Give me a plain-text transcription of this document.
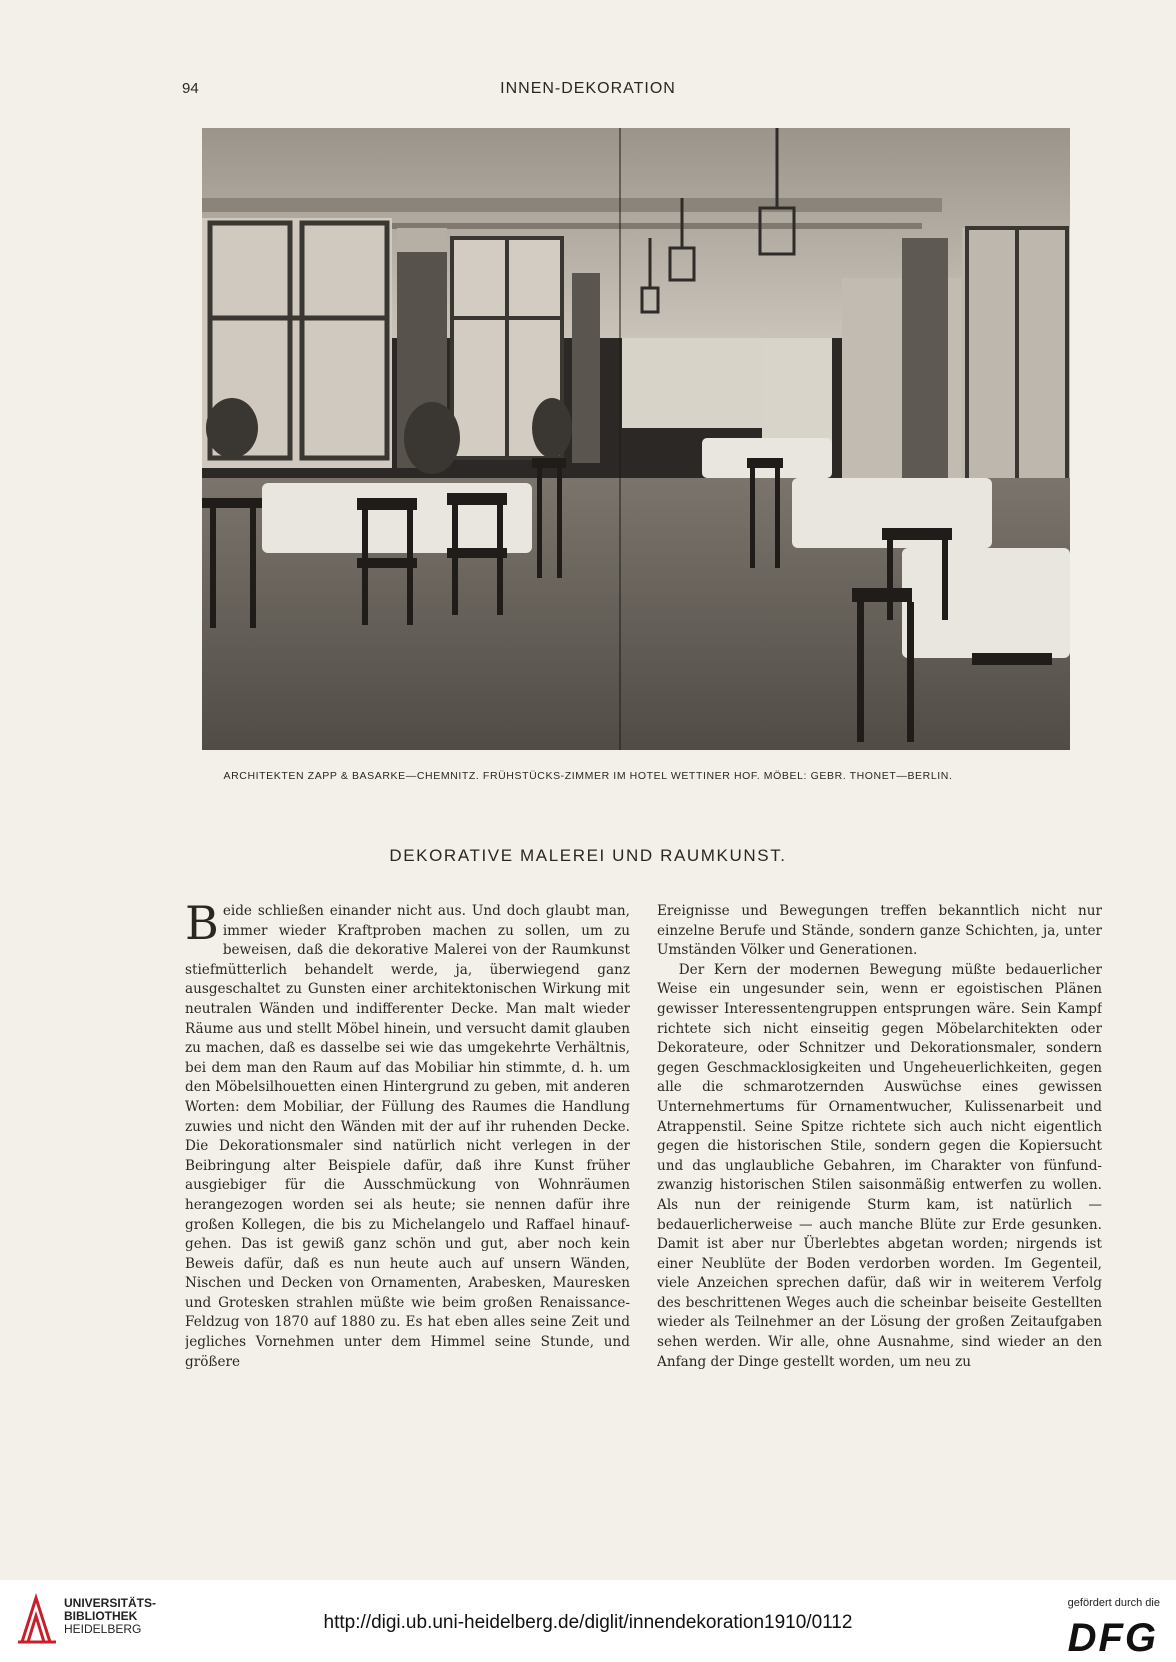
94	INNEN-DEKORATION
ARCHITEKTEN ZAPP & BASARKE—CHEMNITZ. FRÜHSTÜCKS-ZIMMER IM HOTEL WETTINER HOF. MÖBEL: GEBR. THONET—BERLIN.
DEKORATIVE MALEREI UND RAUMKUNST.

Beide schließen einander nicht aus. Und doch glaubt man, immer wieder Kraftproben machen zu sollen, um zu beweisen, daß die dekorative Malerei von der Raumkunst stiefmütterlich behandelt werde, ja, überwiegend ganz ausgeschaltet zu Gunsten einer architektonischen Wirkung mit neutralen Wänden und indifferenter Decke. Man malt wieder Räume aus und stellt Möbel hinein, und versucht damit glauben zu machen, daß es dasselbe sei wie das umgekehrte Verhältnis, bei dem man den Raum auf das Mobiliar hin stimmte, d. h. um den Möbelsilhouetten einen Hintergrund zu geben, mit anderen Worten: dem Mobiliar, der Füllung des Raumes die Handlung zuwies und nicht den Wänden mit der auf ihr ruhenden Decke. Die Dekorationsmaler sind natürlich nicht verlegen in der Beibringung alter Beispiele dafür, daß ihre Kunst früher ausgiebiger für die Ausschmückung von Wohnräumen herangezogen worden sei als heute; sie nennen dafür ihre großen Kollegen, die bis zu Michelangelo und Raffael hinaufgehen. Das ist gewiß ganz schön und gut, aber noch kein Beweis dafür, daß es nun heute auch auf unsern Wänden, Nischen und Decken von Ornamenten, Arabesken, Mauresken und Grotesken strahlen müßte wie beim großen Renaissance-Feldzug von 1870 auf 1880 zu. Es hat eben alles seine Zeit und jegliches Vornehmen unter dem Himmel seine Stunde, und größere

Ereignisse und Bewegungen treffen bekanntlich nicht nur einzelne Berufe und Stände, sondern ganze Schichten, ja, unter Umständen Völker und Generationen.

Der Kern der modernen Bewegung müßte bedauerlicher Weise ein ungesunder sein, wenn er egoistischen Plänen gewisser Interessentengruppen entsprungen wäre. Sein Kampf richtete sich nicht einseitig gegen Möbelarchitekten oder Dekorateure, oder Schnitzer und Dekorationsmaler, sondern gegen Geschmacklosigkeiten und Ungeheuerlichkeiten, gegen alle die schmarotzernden Auswüchse eines gewissen Unternehmertums für Ornamentwucher, Kulissenarbeit und Atrappenstil. Seine Spitze richtete sich auch nicht eigentlich gegen die historischen Stile, sondern gegen die Kopiersucht und das unglaubliche Gebahren, im Charakter von fünfundzwanzig historischen Stilen saisonmäßig entwerfen zu wollen. Als nun der reinigende Sturm kam, ist natürlich — bedauerlicherweise — auch manche Blüte zur Erde gesunken. Damit ist aber nur Überlebtes abgetan worden; nirgends ist einer Neublüte der Boden verdorben worden. Im Gegenteil, viele Anzeichen sprechen dafür, daß wir in weiterem Verfolg des beschrittenen Weges auch die scheinbar beiseite Gestellten wieder als Teilnehmer an der Lösung der großen Zeitaufgaben sehen werden. Wir alle, ohne Ausnahme, sind wieder an den Anfang der Dinge gestellt worden, um neu zu

UNIVERSITÄTS-
BIBLIOTHEK
HEIDELBERG	http://digi.ub.uni-heidelberg.de/diglit/innendekoration1910/0112
gefördert durch die
DFG
